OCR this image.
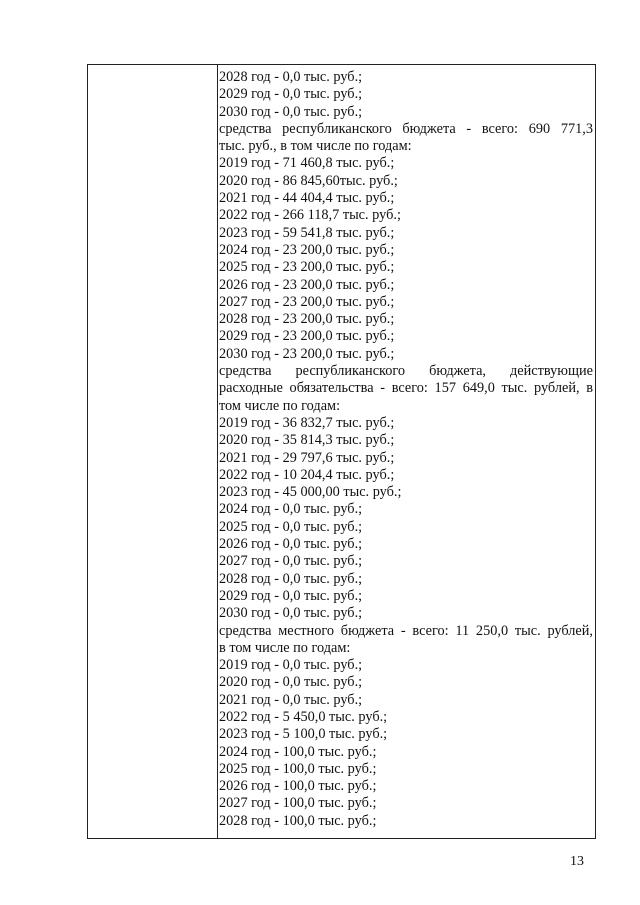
2028 год - 0,0 тыс. руб.;
2029 год - 0,0 тыс. руб.;
2030 год - 0,0 тыс. руб.;
средства республиканского бюджета - всего: 690 771,3
тыс. руб., в том числе по годам:
2019 год - 71 460,8 тыс. руб.;
2020 год - 86 845,60тыс. руб.;
2021 год - 44 404,4 тыс. руб.;
2022 год - 266 118,7 тыс. руб.;
2023 год - 59 541,8 тыс. руб.;
2024 год - 23 200,0 тыс. руб.;
2025 год - 23 200,0 тыс. руб.;
2026 год - 23 200,0 тыс. руб.;
2027 год - 23 200,0 тыс. руб.;
2028 год - 23 200,0 тыс. руб.;
2029 год - 23 200,0 тыс. руб.;
2030 год - 23 200,0 тыс. руб.;
средства республиканского бюджета, действующие
расходные обязательства - всего: 157 649,0 тыс. рублей, в
том числе по годам:
2019 год - 36 832,7 тыс. руб.;
2020 год - 35 814,3 тыс. руб.;
2021 год - 29 797,6 тыс. руб.;
2022 год - 10 204,4 тыс. руб.;
2023 год - 45 000,00 тыс. руб.;
2024 год - 0,0 тыс. руб.;
2025 год - 0,0 тыс. руб.;
2026 год - 0,0 тыс. руб.;
2027 год - 0,0 тыс. руб.;
2028 год - 0,0 тыс. руб.;
2029 год - 0,0 тыс. руб.;
2030 год - 0,0 тыс. руб.;
средства местного бюджета - всего: 11 250,0 тыс. рублей,
в том числе по годам:
2019 год - 0,0 тыс. руб.;
2020 год - 0,0 тыс. руб.;
2021 год - 0,0 тыс. руб.;
2022 год - 5 450,0 тыс. руб.;
2023 год - 5 100,0 тыс. руб.;
2024 год - 100,0 тыс. руб.;
2025 год - 100,0 тыс. руб.;
2026 год - 100,0 тыс. руб.;
2027 год - 100,0 тыс. руб.;
2028 год - 100,0 тыс. руб.;
13
